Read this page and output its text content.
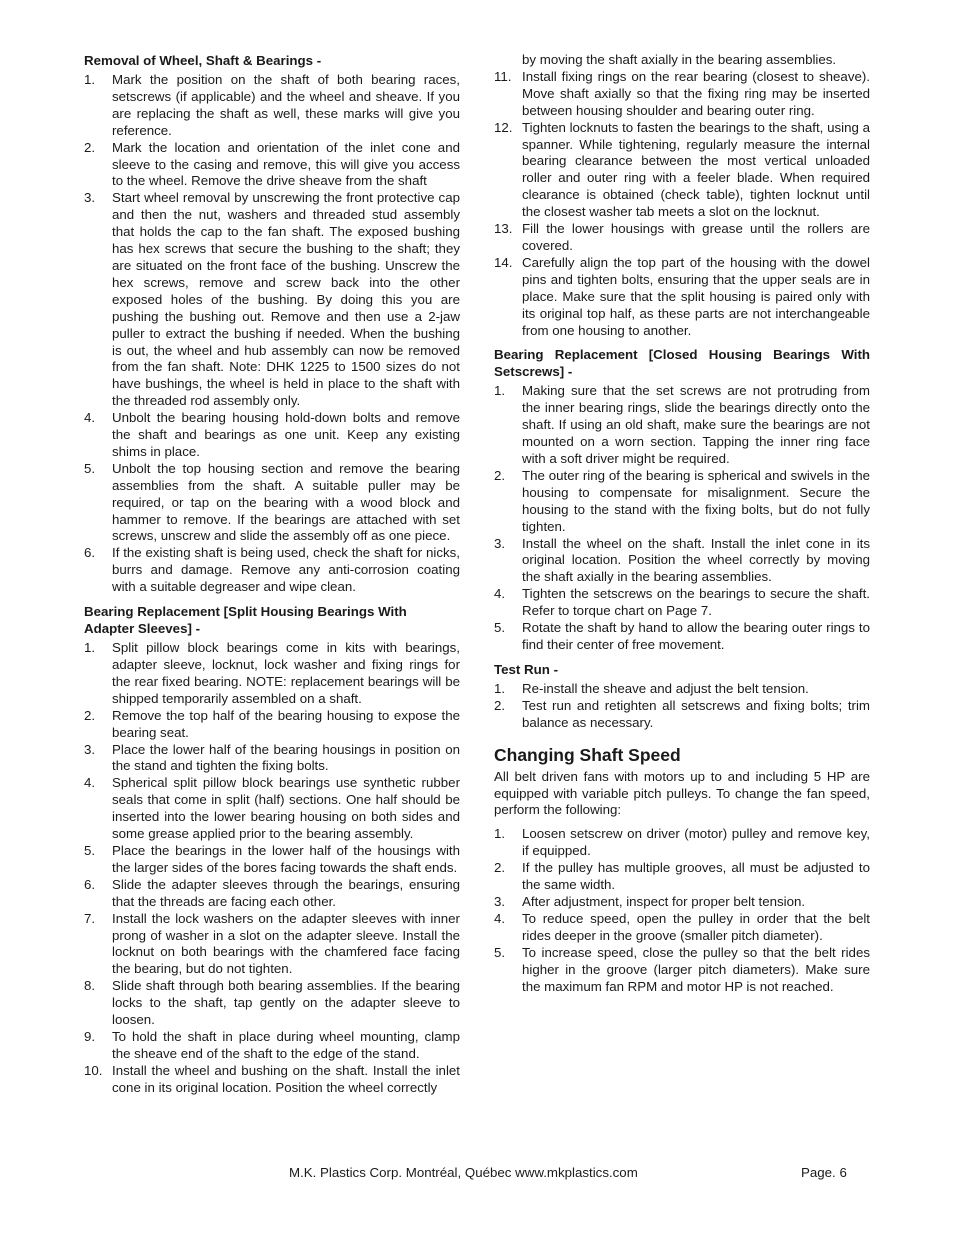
Removal of Wheel, Shaft & Bearings -

1.	Mark the position on the shaft of both bearing races, setscrews (if applicable) and the wheel and sheave. If you are replacing the shaft as well, these marks will give you reference.
2.	Mark the location and orientation of the inlet cone and sleeve to the casing and remove, this will give you access to the wheel. Remove the drive sheave from the shaft
3.	Start wheel removal by unscrewing the front protective cap and then the nut, washers and threaded stud assembly that holds the cap to the fan shaft. The exposed bushing has hex screws that secure the bushing to the shaft; they are situated on the front face of the bushing. Unscrew the hex screws, remove and screw back into the other exposed holes of the bushing. By doing this you are pushing the bushing out. Remove and then use a 2-jaw puller to extract the bushing if needed. When the bushing is out, the wheel and hub assembly can now be removed from the fan shaft. Note: DHK 1225 to 1500 sizes do not have bushings, the wheel is held in place to the shaft with the threaded rod assembly only.
4.	Unbolt the bearing housing hold-down bolts and remove the shaft and bearings as one unit. Keep any existing shims in place.
5.	Unbolt the top housing section and remove the bearing assemblies from the shaft. A suitable puller may be required, or tap on the bearing with a wood block and hammer to remove. If the bearings are attached with set screws, unscrew and slide the assembly off as one piece.
6.	If the existing shaft is being used, check the shaft for nicks, burrs and damage. Remove any anti-corrosion coating with a suitable degreaser and wipe clean.

Bearing Replacement [Split Housing Bearings With Adapter Sleeves] -

1.	Split pillow block bearings come in kits with bearings, adapter sleeve, locknut, lock washer and fixing rings for the rear fixed bearing. NOTE: replacement bearings will be shipped temporarily assembled on a shaft.
2.	Remove the top half of the bearing housing to expose the bearing seat.
3.	Place the lower half of the bearing housings in position on the stand and tighten the fixing bolts.
4.	Spherical split pillow block bearings use synthetic rubber seals that come in split (half) sections. One half should be inserted into the lower bearing housing on both sides and some grease applied prior to the bearing assembly.
5.	Place the bearings in the lower half of the housings with the larger sides of the bores facing towards the shaft ends.
6.	Slide the adapter sleeves through the bearings, ensuring that the threads are facing each other.
7.	Install the lock washers on the adapter sleeves with inner prong of washer in a slot on the adapter sleeve. Install the locknut on both bearings with the chamfered face facing the bearing, but do not tighten.
8.	Slide shaft through both bearing assemblies. If the bearing locks to the shaft, tap gently on the adapter sleeve to loosen.
9.	To hold the shaft in place during wheel mounting, clamp the sheave end of the shaft to the edge of the stand.
10. Install the wheel and bushing on the shaft. Install the inlet cone in its original location. Position the wheel correctly

by moving the shaft axially in the bearing assemblies.

11. Install fixing rings on the rear bearing (closest to sheave). Move shaft axially so that the fixing ring may be inserted between housing shoulder and bearing outer ring.
12. Tighten locknuts to fasten the bearings to the shaft, using a spanner. While tightening, regularly measure the internal bearing clearance between the most vertical unloaded roller and outer ring with a feeler blade. When required clearance is obtained (check table), tighten locknut until the closest washer tab meets a slot on the locknut.
13. Fill the lower housings with grease until the rollers are covered.
14. Carefully align the top part of the housing with the dowel pins and tighten bolts, ensuring that the upper seals are in place. Make sure that the split housing is paired only with its original top half, as these parts are not interchangeable from one housing to another.

Bearing Replacement [Closed Housing Bearings With Setscrews] -

1.	Making sure that the set screws are not protruding from the inner bearing rings, slide the bearings directly onto the shaft. If using an old shaft, make sure the bearings are not mounted on a worn section. Tapping the inner ring face with a soft driver might be required.
2.	The outer ring of the bearing is spherical and swivels in the housing to compensate for misalignment. Secure the housing to the stand with the fixing bolts, but do not fully tighten.
3.	Install the wheel on the shaft. Install the inlet cone in its original location. Position the wheel correctly by moving the shaft axially in the bearing assemblies.
4.	Tighten the setscrews on the bearings to secure the shaft. Refer to torque chart on Page 7.
5.	Rotate the shaft by hand to allow the bearing outer rings to find their center of free movement.

Test Run -

1.	Re-install the sheave and adjust the belt tension.
2.	Test run and retighten all setscrews and fixing bolts; trim balance as necessary.

Changing Shaft Speed

All belt driven fans with motors up to and including 5 HP are equipped with variable pitch pulleys. To change the fan speed, perform the following:

1.	Loosen setscrew on driver (motor) pulley and remove key, if equipped.
2.	If the pulley has multiple grooves, all must be adjusted to the same width.
3.	After adjustment, inspect for proper belt tension.
4.	To reduce speed, open the pulley in order that the belt rides deeper in the groove (smaller pitch diameter).
5.	To increase speed, close the pulley so that the belt rides higher in the groove (larger pitch diameters). Make sure the maximum fan RPM and motor HP is not reached.
M.K. Plastics Corp. Montréal, Québec www.mkplastics.com	Page. 6
